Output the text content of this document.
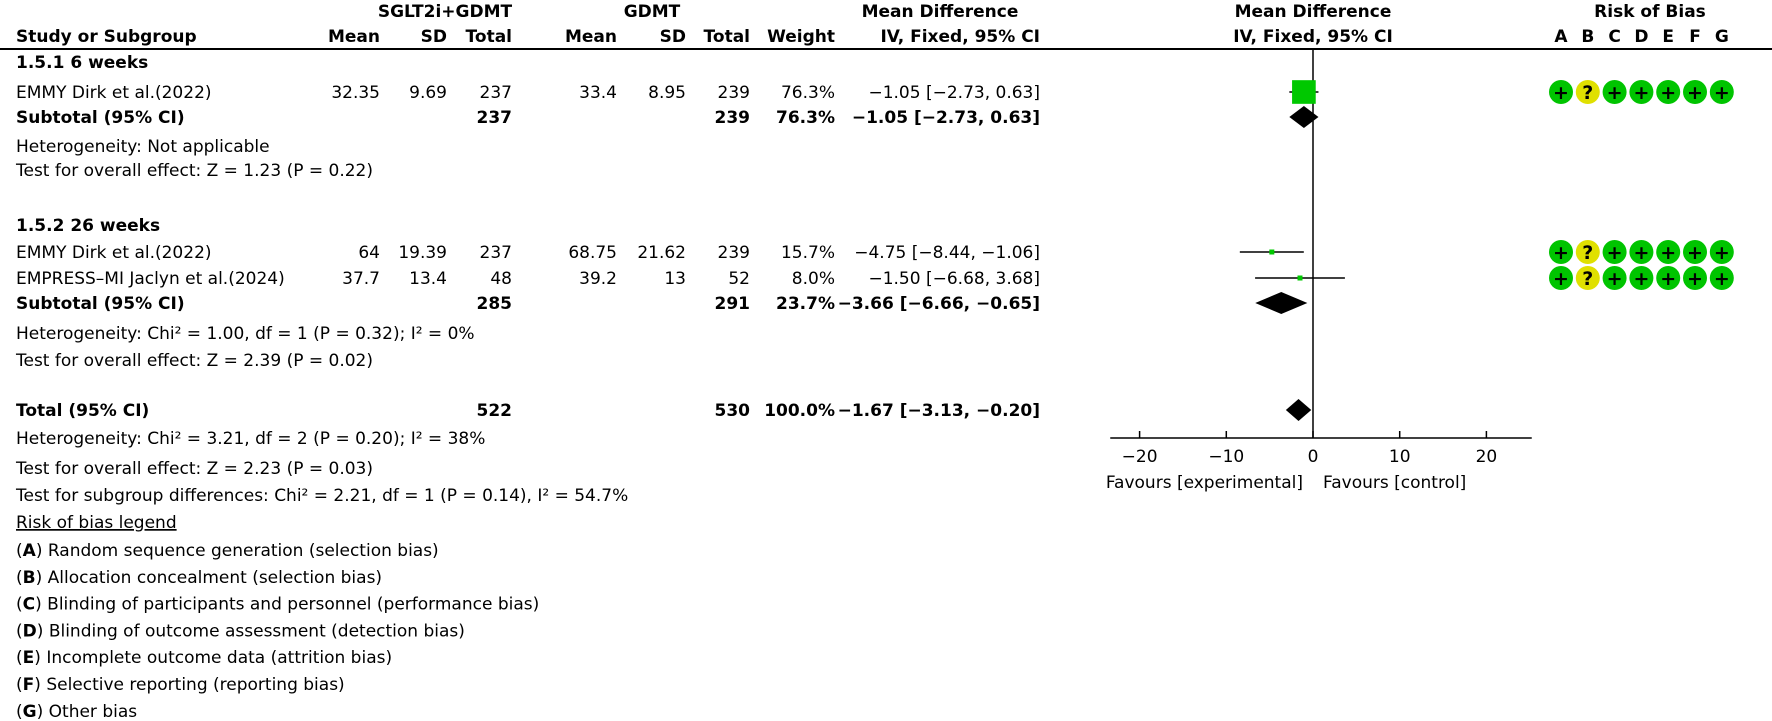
SGLT2i+GDMT	GDMT	Mean Difference	Mean Difference	Risk of Bias
Study or Subgroup	Mean SD Total	Mean	SD Total Weight	IV, Fixed, 95% CI	IV, Fixed, 95% CI	A B C D E F G
1.5.1 6 weeks
EMMY Dirk et al.(2022)	32.35 9.69 237	33.4 8.95 239 76.3% −1.05 [−2.73, 0.63]	+ ? + + + + +
Subtotal (95% CI)	237	239 76.3% −1.05 [−2.73, 0.63]
Heterogeneity: Not applicable
Test for overall effect: Z = 1.23 (P = 0.22)
1.5.2 26 weeks
EMMY Dirk et al.(2022)	64 19.39 237	68.75 21.62 239 15.7% −4.75 [−8.44, −1.06]	+ ? + + + + +
EMPRESS–MI Jaclyn et al.(2024)	37.7 13.4	48	39.2	13 52 8.0% −1.50 [−6.68, 3.68]	+ ? + + + + +
Subtotal (95% CI)	285	291 23.7% −3.66 [−6.66, −0.65]
Heterogeneity: Chi² = 1.00, df = 1 (P = 0.32); I² = 0%
Test for overall effect: Z = 2.39 (P = 0.02)
Total (95% CI)	522	530 100.0% −1.67 [−3.13, −0.20]
Heterogeneity: Chi² = 3.21, df = 2 (P = 0.20); I² = 38%
Test for overall effect: Z = 2.23 (P = 0.03)
Test for subgroup differences: Chi² = 2.21, df = 1 (P = 0.14), I² = 54.7%
−20	−10	0	10	20
Favours [experimental] Favours [control]
Risk of bias legend
(A) Random sequence generation (selection bias)
(B) Allocation concealment (selection bias)
(C) Blinding of participants and personnel (performance bias)
(D) Blinding of outcome assessment (detection bias)
(E) Incomplete outcome data (attrition bias)
(F) Selective reporting (reporting bias)
(G) Other bias
